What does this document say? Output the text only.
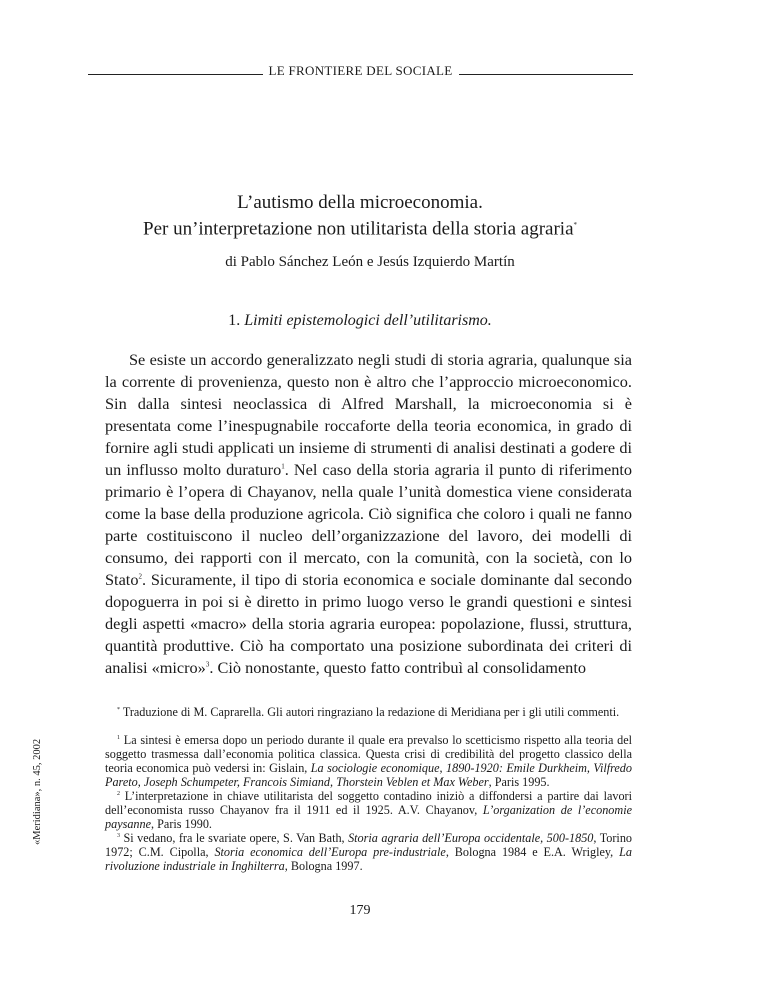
LE FRONTIERE DEL SOCIALE
L’autismo della microeconomia.
Per un’interpretazione non utilitarista della storia agraria*
di Pablo Sánchez León e Jesús Izquierdo Martín
1. Limiti epistemologici dell’utilitarismo.

Se esiste un accordo generalizzato negli studi di storia agraria, qualunque sia la corrente di provenienza, questo non è altro che l’approccio microeconomico. Sin dalla sintesi neoclassica di Alfred Marshall, la microeconomia si è presentata come l’inespugnabile roccaforte della teoria economica, in grado di fornire agli studi applicati un insieme di strumenti di analisi destinati a godere di un influsso molto duraturo$^1$. Nel caso della storia agraria il punto di riferimento primario è l’opera di Chayanov, nella quale l’unità domestica viene considerata come la base della produzione agricola. Ciò significa che coloro i quali ne fanno parte costituiscono il nucleo dell’organizzazione del lavoro, dei modelli di consumo, dei rapporti con il mercato, con la comunità, con la società, con lo Stato$^2$. Sicuramente, il tipo di storia economica e sociale dominante dal secondo dopoguerra in poi si è diretto in primo luogo verso le grandi questioni e sintesi degli aspetti «macro» della storia agraria europea: popolazione, flussi, struttura, quantità produttive. Ciò ha comportato una posizione subordinata dei criteri di analisi «micro»$^3$. Ciò nonostante, questo fatto contribuì al consolidamento

* Traduzione di M. Caprarella. Gli autori ringraziano la redazione di Meridiana per i gli utili commenti.

$^1$ La sintesi è emersa dopo un periodo durante il quale era prevalso lo scetticismo rispetto alla teoria del soggetto trasmessa dall’economia politica classica. Questa crisi di credibilità del progetto classico della teoria economica può vedersi in: Gislain, La sociologie economique, 1890-1920: Emile Durkheim, Vilfredo Pareto, Joseph Schumpeter, Francois Simiand, Thorstein Veblen et Max Weber, Paris 1995.

$^2$ L’interpretazione in chiave utilitarista del soggetto contadino iniziò a diffondersi a partire dai lavori dell’economista russo Chayanov fra il 1911 ed il 1925. A.V. Chayanov, L’organization de l’economie paysanne, Paris 1990.

$^3$ Si vedano, fra le svariate opere, S. Van Bath, Storia agraria dell’Europa occidentale, 500-1850, Torino 1972; C.M. Cipolla, Storia economica dell’Europa pre-industriale, Bologna 1984 e E.A. Wrigley, La rivoluzione industriale in Inghilterra, Bologna 1997.

«Meridiana», n. 45, 2002
179
